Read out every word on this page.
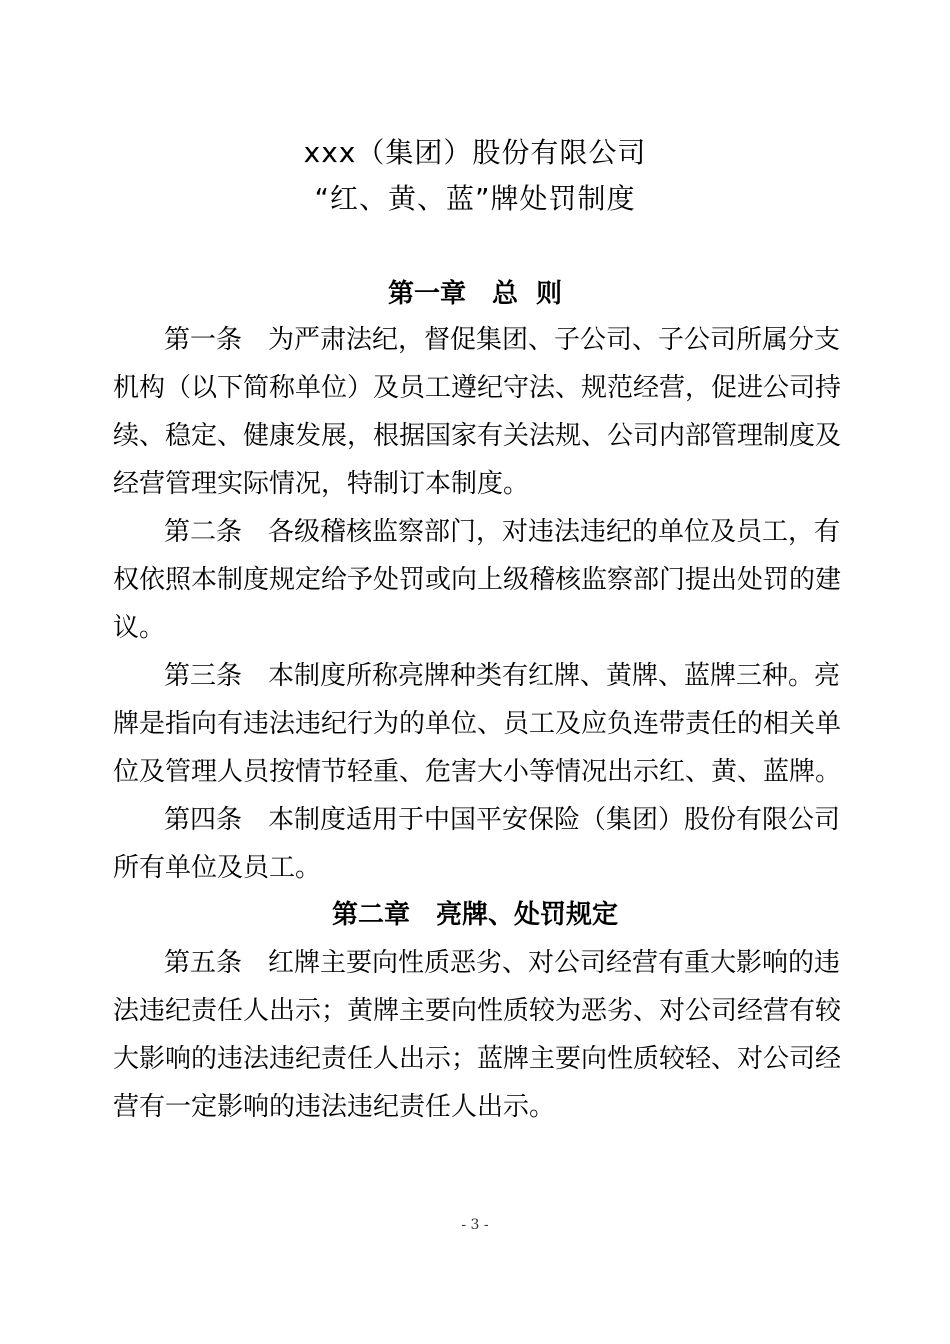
xxx（集团）股份有限公司
“红、黄、蓝”牌处罚制度
第一章　总  则
第一条 为严肃法纪，督促集团、子公司、子公司所属分支
机构（以下简称单位）及员工遵纪守法、规范经营，促进公司持
续、稳定、健康发展，根据国家有关法规、公司内部管理制度及
经营管理实际情况，特制订本制度。
第二条 各级稽核监察部门，对违法违纪的单位及员工，有
权依照本制度规定给予处罚或向上级稽核监察部门提出处罚的建
议。
第三条 本制度所称亮牌种类有红牌、黄牌、蓝牌三种。亮
牌是指向有违法违纪行为的单位、员工及应负连带责任的相关单
位及管理人员按情节轻重、危害大小等情况出示红、黄、蓝牌。
第四条 本制度适用于中国平安保险（集团）股份有限公司
所有单位及员工。
第二章　亮牌、处罚规定
第五条 红牌主要向性质恶劣、对公司经营有重大影响的违
法违纪责任人出示；黄牌主要向性质较为恶劣、对公司经营有较
大影响的违法违纪责任人出示；蓝牌主要向性质较轻、对公司经
营有一定影响的违法违纪责任人出示。
- 3 -
